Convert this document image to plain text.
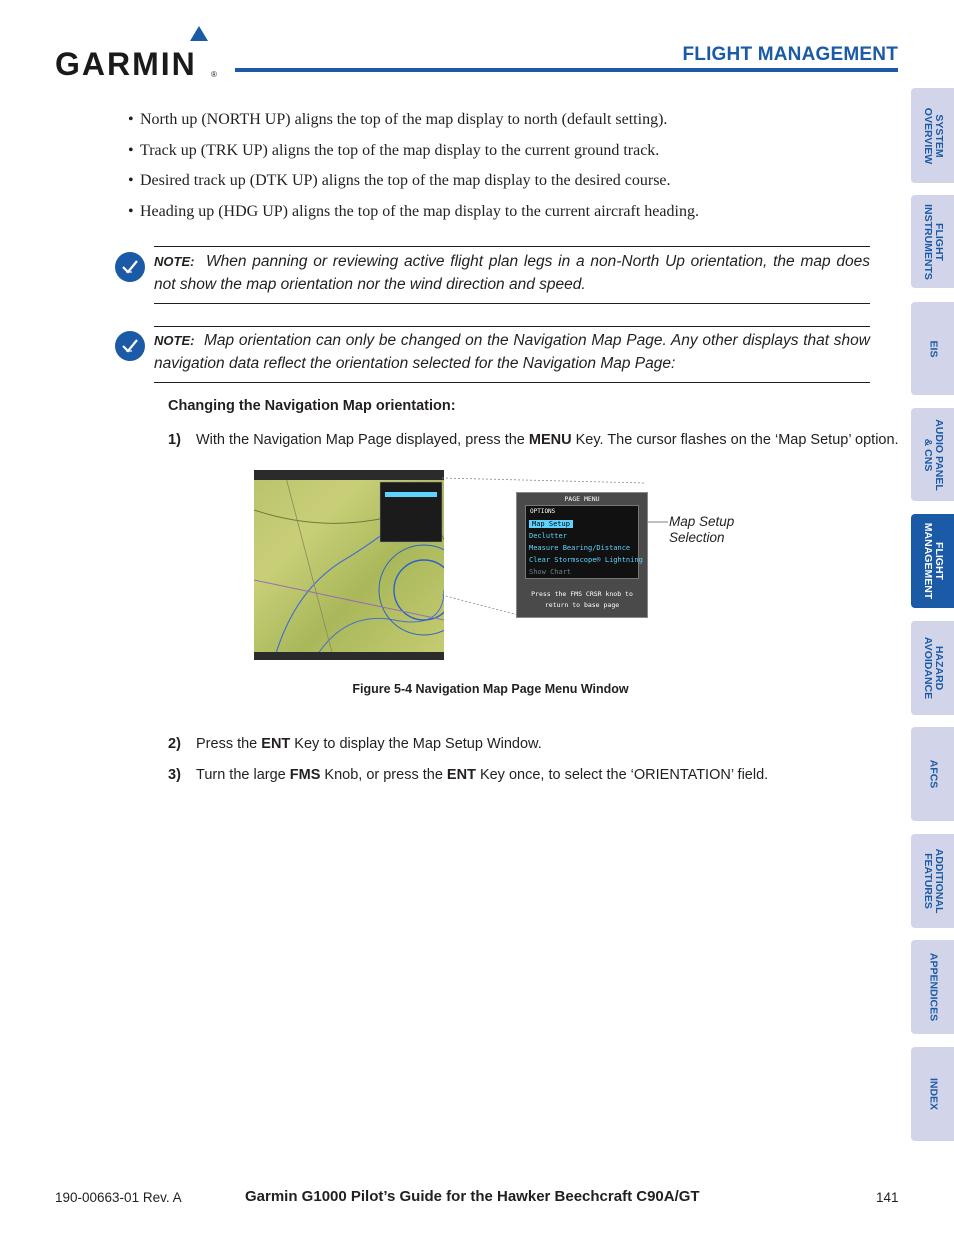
GARMIN ®
FLIGHT MANAGEMENT
SYSTEM
OVERVIEW
FLIGHT
INSTRUMENTS
EIS
AUDIO PANEL
& CNS
FLIGHT
MANAGEMENT
HAZARD
AVOIDANCE
AFCS
ADDITIONAL
FEATURES
APPENDICES
INDEX
• North up (NORTH UP) aligns the top of the map display to north (default setting).
• Track up (TRK UP) aligns the top of the map display to the current ground track.
• Desired track up (DTK UP) aligns the top of the map display to the desired course.
• Heading up (HDG UP) aligns the top of the map display to the current aircraft heading.
NOTE: When panning or reviewing active flight plan legs in a non-North Up orientation, the map does not show the map orientation nor the wind direction and speed.
NOTE: Map orientation can only be changed on the Navigation Map Page. Any other displays that show navigation data reflect the orientation selected for the Navigation Map Page:
Changing the Navigation Map orientation:
1) With the Navigation Map Page displayed, press the MENU Key. The cursor flashes on the ‘Map Setup’ option.
PAGE MENU
OPTIONS
Map Setup
Declutter
Measure Bearing/Distance
Clear Stormscope® Lightning
Show Chart
Press the FMS CRSR knob to
return to base page
Map Setup
Selection
Figure 5-4 Navigation Map Page Menu Window
2) Press the ENT Key to display the Map Setup Window.
3) Turn the large FMS Knob, or press the ENT Key once, to select the ‘ORIENTATION’ field.
190-00663-01 Rev. A	Garmin G1000 Pilot’s Guide for the Hawker Beechcraft C90A/GT	141
